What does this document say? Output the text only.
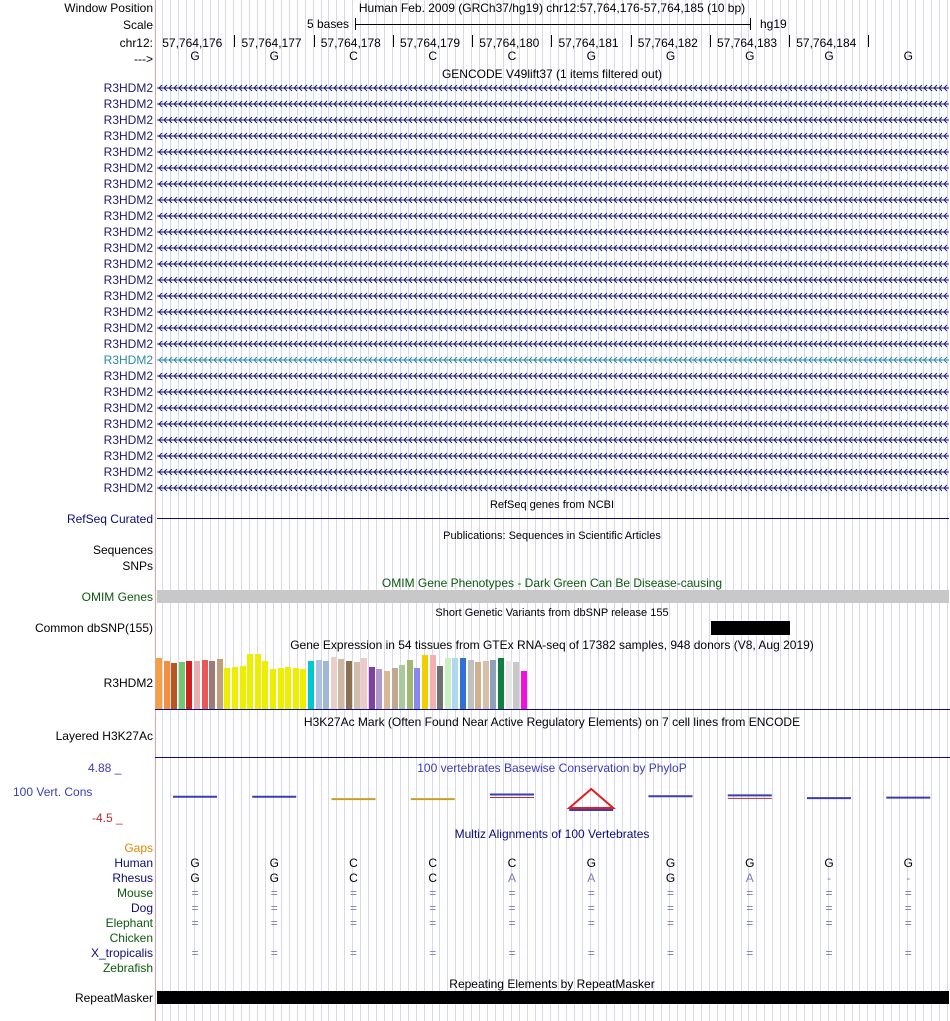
Window Position	Human Feb. 2009 (GRCh37/hg19) chr12:57,764,176-57,764,185 (10 bp)
Scale	5 bases	hg19
chr12: 57,764,176 57,764,177 57,764,178 57,764,179 57,764,180 57,764,181 57,764,182 57,764,183 57,764,184
--->	G	G	C	C	C	G	G	G	G	G
GENCODE V49lift37 (1 items filtered out)
R3HDM2
R3HDM2
R3HDM2
R3HDM2
R3HDM2
R3HDM2
R3HDM2
R3HDM2
R3HDM2
R3HDM2
R3HDM2
R3HDM2
R3HDM2
R3HDM2
R3HDM2
R3HDM2
R3HDM2
R3HDM2
R3HDM2
R3HDM2
R3HDM2
R3HDM2
R3HDM2
R3HDM2
R3HDM2
R3HDM2
RefSeq genes from NCBI
RefSeq Curated
Publications: Sequences in Scientific Articles
Sequences
SNPs
OMIM Gene Phenotypes - Dark Green Can Be Disease-causing
OMIM Genes
Short Genetic Variants from dbSNP release 155
Common dbSNP(155)
Gene Expression in 54 tissues from GTEx RNA-seq of 17382 samples, 948 donors (V8, Aug 2019)
R3HDM2
H3K27Ac Mark (Often Found Near Active Regulatory Elements) on 7 cell lines from ENCODE
Layered H3K27Ac
100 vertebrates Basewise Conservation by PhyloP
4.88 _
100 Vert. Cons
-4.5 _
Multiz Alignments of 100 Vertebrates
Gaps
Human	G	G	C	C	C	G	G	G	G	G
Rhesus	G	G	C	C	A	A	G	A	-	-
Mouse	=	=	=	=	=	=	=	=	=	=
Dog	=	=	=	=	=	=	=	=	=	=
Elephant	=	=	=	=	=	=	=	=	=	=
Chicken
X_tropicalis	=	=	=	=	=	=	=	=	=	=
Zebrafish
Repeating Elements by RepeatMasker
RepeatMasker
